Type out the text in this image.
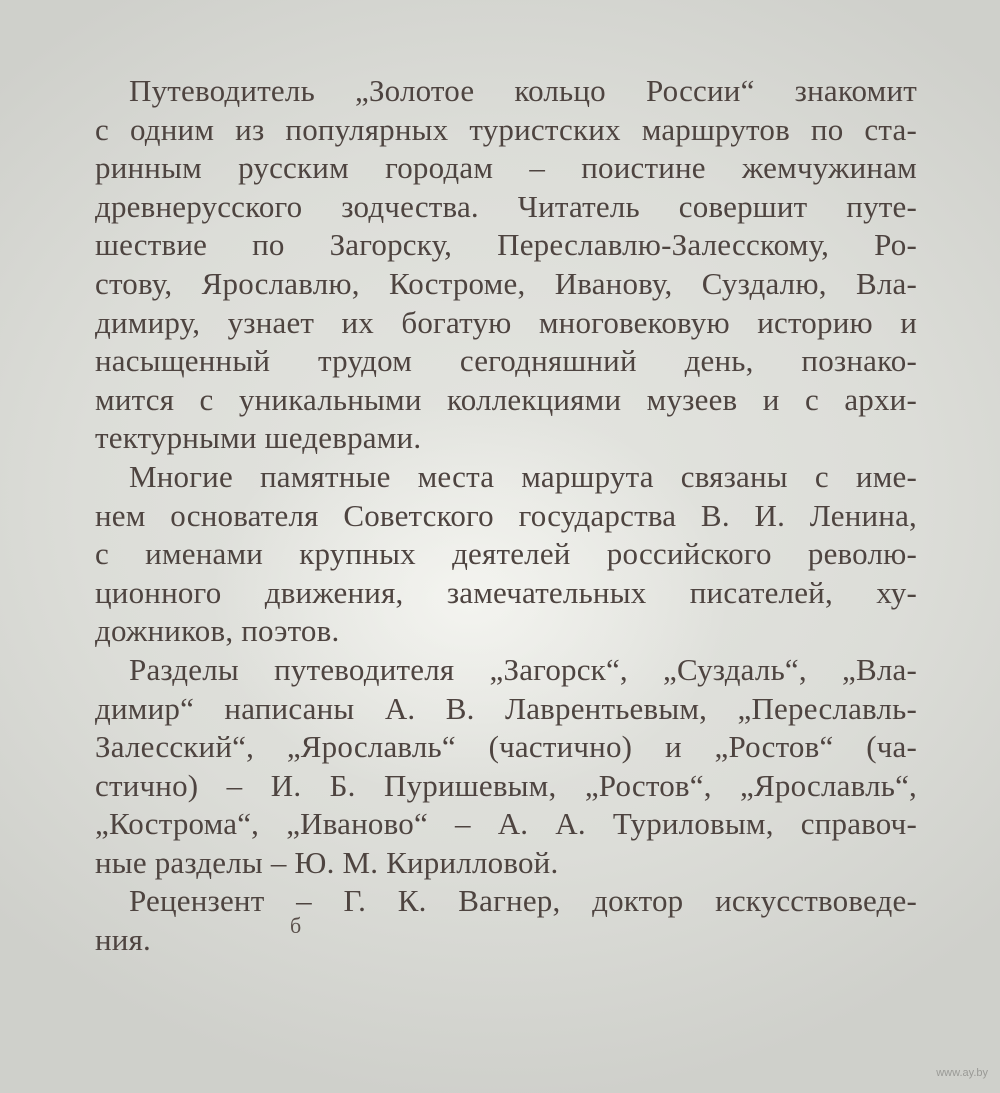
Путеводитель „Золотое кольцо России“ знакомит
с одним из популярных туристских маршрутов по ста-
ринным русским городам – поистине жемчужинам
древнерусского зодчества. Читатель совершит путе-
шествие по Загорску, Переславлю-Залесскому, Ро-
стову, Ярославлю, Костроме, Иванову, Суздалю, Вла-
димиру, узнает их богатую многовековую историю и
насыщенный трудом сегодняшний день, познако-
мится с уникальными коллекциями музеев и с архи-
тектурными шедеврами.
Многие памятные места маршрута связаны с име-
нем основателя Советского государства В. И. Ленина,
с именами крупных деятелей российского револю-
ционного движения, замечательных писателей, ху-
дожников, поэтов.
Разделы путеводителя „Загорск“, „Суздаль“, „Вла-
димир“ написаны А. В. Лаврентьевым, „Переславль-
Залесский“, „Ярославль“ (частично) и „Ростов“ (ча-
стично) – И. Б. Пуришевым, „Ростов“, „Ярославль“,
„Кострома“, „Иваново“ – А. А. Туриловым, справоч-
ные разделы – Ю. М. Кирилловой.
Рецензент – Г. К. Вагнер, доктор искусствоведе-
ния.	б
www.ay.by
